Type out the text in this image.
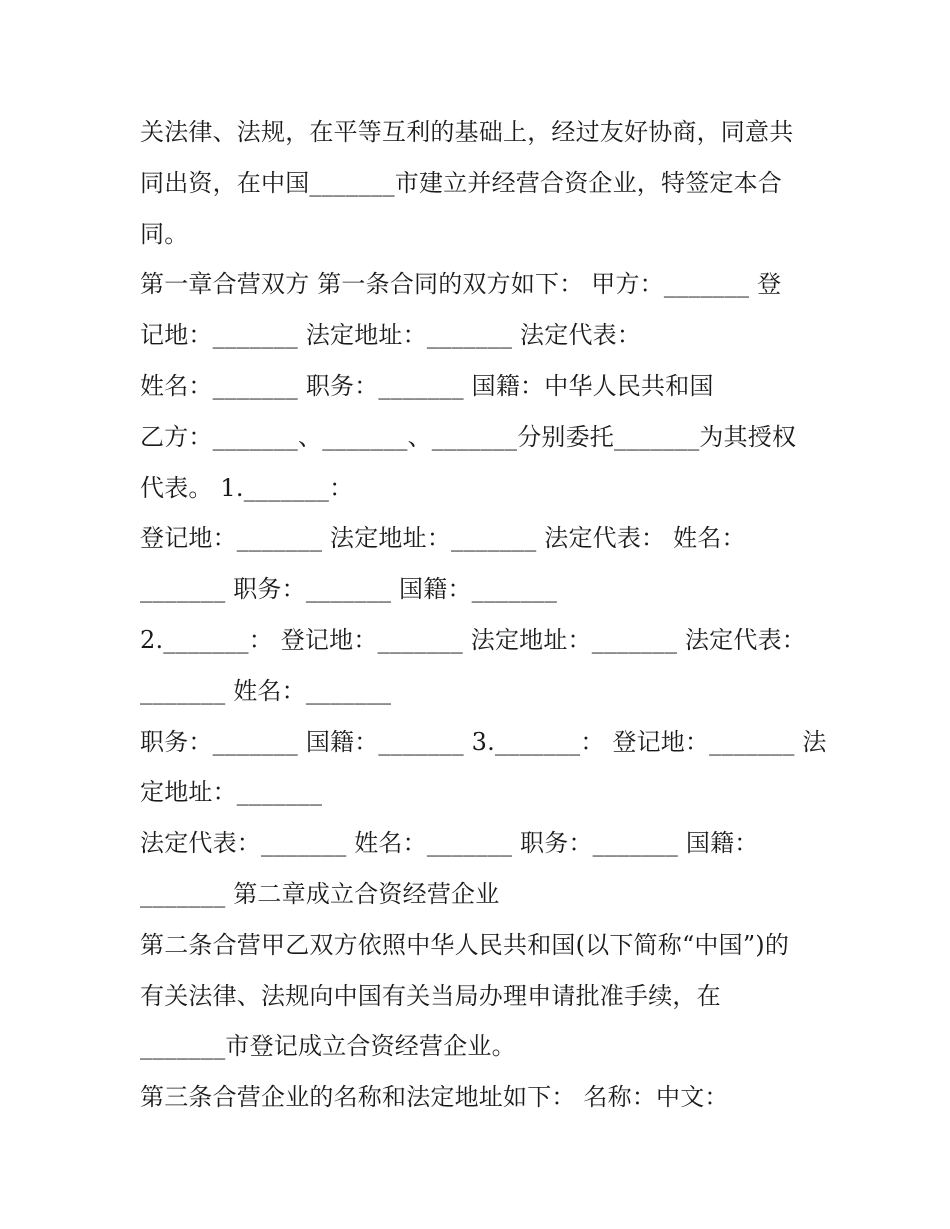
关法律、法规，在平等互利的基础上，经过友好协商，同意共
同出资，在中国_______市建立并经营合资企业，特签定本合
同。
第一章合营双方 第一条合同的双方如下： 甲方：_______ 登
记地：_______ 法定地址：_______ 法定代表：
姓名：_______ 职务：_______ 国籍：中华人民共和国
乙方：_______、_______、_______分别委托_______为其授权
代表。 1._______：
登记地：_______ 法定地址：_______ 法定代表： 姓名：
_______ 职务：_______ 国籍：_______
2._______： 登记地：_______ 法定地址：_______ 法定代表：
_______ 姓名：_______
职务：_______ 国籍：_______ 3._______： 登记地：_______ 法
定地址：_______
法定代表：_______ 姓名：_______ 职务：_______ 国籍：
_______ 第二章成立合资经营企业
第二条合营甲乙双方依照中华人民共和国(以下简称“中国”)的
有关法律、法规向中国有关当局办理申请批准手续，在
_______市登记成立合资经营企业。
第三条合营企业的名称和法定地址如下： 名称：中文：
